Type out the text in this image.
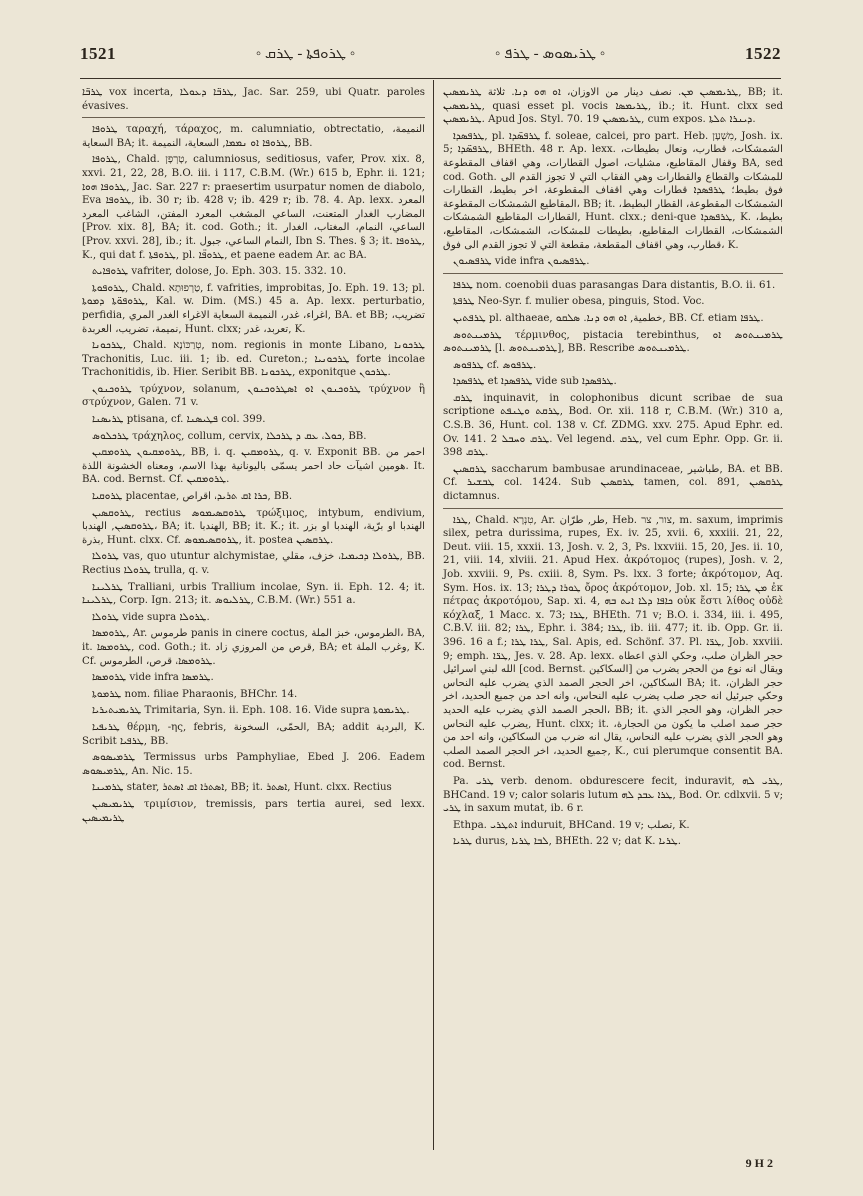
1521	◦ ܛܪܘܦܬܐ - ܛܪܩ ◦	◦ ܛܪܝܣܘܣ - ܛܪܦ ◦	1522

ܛܪܒ̈ܐ vox incerta, ܛܪܒ̈ܐ ܕܥܘܠܐ, Jac. Sar. 259, ubi Quatr. paroles évasives.

ܛܪܘܦܐ ταραχή, τάραχος, m. calumniatio, obtrectatio, النميمة، السعاية BA; it. ܛܪܘܦܐ ܐܘ ܢܡܡܐ, السعاية، النميمة, BB.

ܛܪܘܦܐ, Chald. טָרְפָן, calumniosus, seditiosus, vafer, Prov. xix. 8, xxvi. 21, 22, 28, B.O. iii. i 117, C.B.M. (Wr.) 615 b, Ephr. ii. 121; ܛܪܘܦܐ ܗܘܐ, Jac. Sar. 227 r: praesertim usurpatur nomen de diabolo, Eva ܛܪܘܦܐ, ib. 30 r; ib. 428 v; ib. 429 r; ib. 78. 4. Ap. lexx. المعرد المضارب الغدار المتعنت، الساعي المشغب المعرد المفتن، الشاغب المعرد [Prov. xix. 8], BA; it. cod. Goth.; it. الساعي، النمام، المغتاب، الغدار [Prov. xxvi. 28], ib.; it. النمام الساعي، جبول, Ibn S. Thes. § 3; it. ܛܪܘܦܐ, K., qui dat f. ܛܪܘܦܬܐ, pl. ܛܪܘܦ̈ܐ, et paene eadem Ar. ac BA.

ܛܪܘܦܐܝܬ vafriter, dolose, Jo. Eph. 303. 15. 332. 10.

ܛܪܘܦܘܬܐ, Chald. טַרְפוּתָא, f. vafrities, improbitas, Jo. Eph. 19. 13; pl. ܛܪܘܦܘ̈ܬܐ ܕܡܘܬܐ, Kal. w. Dim. (MS.) 45 a. Ap. lexx. perturbatio, perfidia, اغراء، غدر، النميمة السعاية الاغراء الغدر المري, BA. et BB; تضريب، نميمة، تضريب، العربدة, Hunt. clxx; تعربد، غدر, K.

ܛܪܟܘܢܐ, Chald. טְרַכּוֹנָא, nom. regionis in monte Libano, ܛܪܟܘܢܐ Trachonitis, Luc. iii. 1; ib. ed. Cureton.; ܛܪܟܘܢܝܐ forte incolae Trachonitidis, ib. Hier. Seribit BB. ܛܪܟܘܢܐ, exponitque ܛܪܟܘܢ.

ܛܪܘܟܢܘܢ τρύχνον, solanum, ܛܪܘܟܢܘܢ ܐܘ ܐܣܛܪܘܟܢܘܢ τρύχνον ἢ στρύχνον, Galen. 71 v.

ܛܪܝܣܢܐ ptisana, cf. ܦܛܝܣܢܐ col. 399.

ܛܪܟܠܘܣ τράχηλος, collum, cervix, ܟܘܠ، ܥܩ ܕ ܛܪܟܠܐ, BB.

ܛܪܘܡܩܝܘܢ ܛܪܘܡܩܝܢ, BB, i. q. ܛܪܘܡܩܝܢ, q. v. Exponit BB. احمر من هومين اشيآت حاد احمر يسمّى باليونانية بهذا الاسم، ومعناه الخشونة اللذة. It. BA. cod. Bernst. Cf. ܛܪܘܡܩܝܢ.

ܛܪܘܩܝܐ placentae, ܟܪܐ ܐܩ ܬܪܝܕ، اقراص, BB.

ܛܪܘܩܣܝܢ, rectius ܛܪܘܩܣܝܡܘܣ τρώξιμος, intybum, endivium, ܛܪܘܩܣܝܢ, الهندبا، BA; it. الهندبا, BB; it. K.; it. الهندبا او برّية، الهندبا او بزر بذرة, Hunt. clxx. Cf. ܛܪܘܩܣܝܡܘܣ, it. postea ܛܪܩܣܝܢ.

ܛܪܘܠܐ vas, quo utuntur alchymistae, ܛܪܘܠܐ ܕܟܝܡܝܐ، خزف، مقلي, BB. Rectius ܛܪܘܠܐ trulla, q. v.

ܛܪܠܝܢܐ Tralliani, urbis Trallium incolae, Syn. ii. Eph. 12. 4; it. ܛܪܠܝܢܐ, Corp. Ign. 213; it. ܛܪܠܝܘܣ, C.B.M. (Wr.) 551 a.

ܛܪܘܠܐ vide supra ܛܪܘܠܐ.

ܛܪܘܡܣܐ, Ar. طرموس panis in cinere coctus, الطرموس، خبز الملة، BA, it. ܛܪܘܡܣܐ, cod. Goth.; it. قرص من المروزي زاد, BA; et وغرب الملة, K. Cf. ܛܪܘܡܣܐ، قرص، الطرموس.

ܛܪܘܡܣܐ vide infra ܛܪܡܣܐ.

ܛܪܡܘܬܐ nom. filiae Pharaonis, BHChr. 14.

ܛܪܝܡܝܬܝܪܝܐ Trimitaria, Syn. ii. Eph. 108. 16. Vide supra ܛܪܝܡܘܬܐ.

ܛܪܝܦܝܐ θέρμη, -ης, febris, الحمّى، السخونة, BA; addit البردية, K. Scribit ܛܪܦܝܐ, BB.

ܛܪܡܝܣܘܣ Termissus urbs Pamphyliae, Ebed J. 206. Eadem ܛܪܡܝܣܘܣ, An. Nic. 15.

ܛܪܡܝܢܐ stater, ܐܣܬܪܐ ܐܩ ܐܣܬܪ, BB; it. ܐܣܬܪ, Hunt. clxx. Rectius

ܛܪܝܡܝܣܝܢ τριμίσιον, tremissis, pars tertia aurei, sed lexx. ܛܪܝܡܝܣܝܢ

ܛܪܝܡܣܝܢ ܡܢ. نصف دينار من الاوزان، ܐܘ ܗܘ ܕܢܐ. ثلاثة ܛܪܝܡܣܝܢ, BB; it. ܛܪܝܡܣܝܢ, quasi esset pl. vocis ܛܪܝܡܣܐ, ib.; it. Hunt. clxx sed ܛܪܝܡܣܝܢ. Apud Jos. Styl. 70. 19 ܛܪܝܡܣܝܢ, cum expos. ܕܝܢܪܐ ܬܠܬܐ.

ܛܪܦܣܕܐ, pl. ܛܪܦܣ̈ܕܐ f. soleae, calcei, pro part. Heb. מִשְׁעָן, Josh. ix. 5; ܛܪܦܣ̈ܕܐ, BHEth. 48 r. Ap. lexx. الشمشكات، قطارب، ونعال بطيطات، وقفال المقاطيع، مشليات، اصول القطارات، وهي اقفاف المقطوعة BA, sed cod. Goth. للمشكات والقطاع والقطارات وهي الفقاب التي لا تجوز القدم الى فوق بطيط؛ ܛܪܦܣܕܐ قطارات وهي اقفاف المقطوعة، اخر بطيط، القطارات المقاطيع الشمشكات المقطوعة، BB; it. الشمشكات المقطوعة، القطار البطيط، القطارات المقاطيع الشمشكات, Hunt. clxx.; deni-que ܛܪܦܣܕܐ, K. بطيط، الشمشكات، القطارات المقاطيع، بطيطات للمشكات، الشمشكات، المقاطيع، قطارب، وهي اقفاف المقطعة، مقطعة التي لا تجوز القدم الى فوق، K.

ܛܪܦܣܝܘܢ vide infra ܛܪܦܣܝܘܢ.

ܛܪܦܐ nom. coenobii duas parasangas Dara distantis, B.O. ii. 61.

ܛܪܦܬܐ Neo-Syr. f. mulier obesa, pinguis, Stod. Voc.

ܛܪܦܬܝܢ pl. althaeae, خطمية, ܐܘ ܗܘ ܕܢܐ. ܣܠܩܘ, BB. Cf. etiam ܛܪܦܐ.

ܛܪܡܝܢܬܘܣ τέρμινθος, pistacia terebinthus, ܛܪܡܝܢܬܘܣ ܐܘ ܛܪܡܝܢܬܘܣ [l. ܛܪܡܝܢܬܘܣ], BB. Rescribe ܛܪܡܝܢܬܘܣ.

ܛܪܦܘܣ cf. ܛܪܦܘܣ.

ܛܪܦܣܕܐ et ܛܪܦܣܕܐ vide sub ܛܪܦܣܕܐ.

ܛܪܩ inquinavit, in colophonibus dicunt scribae de sua scriptione ܛܪܩܬ ܘܛܢܦܬ, Bod. Or. xii. 118 r, C.B.M. (Wr.) 310 a, C.S.B. 36, Hunt. col. 138 v. Cf. ZDMG. xxv. 275. Apud Ephr. ed. Ov. 141. 2 ܛܪܩ ܘܚܒܠ. Vel legend. ܛܪܩ, vel cum Ephr. Opp. Gr. ii. 398 ܛܪܩ.

ܛܪܩܣܝܢ saccharum bambusae arundinaceae, طباشير, BA. et BB. Cf. ܛܒܫܝܪ col. 1424. Sub ܛܪܩܣܝܢ tamen, col. 891, ܛܪܩܣܝܢ dictamnus.

ܛܪܐ, Chald. טִנְרָא, Ar. طر, طرّان, Heb. צור, צר, m. saxum, imprimis silex, petra durissima, rupes, Ex. iv. 25, xvii. 6, xxxiii. 21, 22, Deut. viii. 15, xxxii. 13, Josh. v. 2, 3, Ps. lxxviii. 15, 20, Jes. ii. 10, 21, viii. 14, xlviii. 21. Apud Hex. ἀκρότομος (rupes), Josh. v. 2, Job. xxviii. 9, Ps. cxiii. 8, Sym. Ps. lxx. 3 forte; ἀκρότομον, Aq. Sym. Hos. ix. 13; ܛܘܪܐ ܕܛܪܐ ὄρος ἀκρότομον, Job. xl. 15; ܡܢ ܛܪܐ ἐκ πέτρας ἀκροτόμου, Sap. xi. 4, ܟܐܦܐ ܕܠܐ ܐܝܬ ܒܗ οὐκ ἔστι λίθος οὐδὲ κόχλαξ, 1 Macc. x. 73; ܛܪܐ, BHEth. 71 v; B.O. i. 334, iii. i. 495, C.B.V. iii. 82; ܛܪܐ, Ephr. i. 384; ܛܪܐ, ib. iii. 477; it. ib. Opp. Gr. ii. 396. 16 a f.; ܛܪܐ ܛܪܐ, Sal. Apis, ed. Schönf. 37. Pl. ܛܪ̈ܐ, Job. xxviii. 9; emph. ܛܪ̈ܐ, Jes. v. 28. Ap. lexx. حجر الظران صلب، وحكي الذي اعطاه الله لبني اسرائيل [cod. Bernst. السكاكين] ويقال انه نوع من الحجر يضرب من السكاكين، اخر الحجر الصمد الذي يضرب عليه النحاس BA; it. حجر الظران، وحكي جبرئيل انه حجر صلب يضرب عليه النحاس، وانه احد من جميع الحديد، اخر الحجر الصمد الذي يضرب عليه الحديد، BB; it. حجر الظران، وهو الحجر الذي يضرب عليه النحاس, Hunt. clxx; it. حجر صمد اصلب ما يكون من الحجارة، وهو الحجر الذي يضرب عليه النحاس، يقال انه ضرب من السكاكين، وانه احد من جميع الحديد، اخر الحجر الصمد الصلب, K., cui plerumque consentit BA. cod. Bernst.

Pa. ܛܪܝ verb. denom. obdurescere fecit, induravit, ܛܪܝ ܠܗ, BHCand. 19 v; calor solaris lutum ܛܪܐ ܥܒܕ ܠܗ, Bod. Or. cdlxvii. 5 v; ܛܪܝ in saxum mutat, ib. 6 r.

Ethpa. ܐܬܛܪܝ induruit, BHCand. 19 v; تصلب, K.

ܛܪܝܐ durus, ܠܒܐ ܛܪܝܐ, BHEth. 22 v; dat K. ܛܪܝܐ.

9 H 2
